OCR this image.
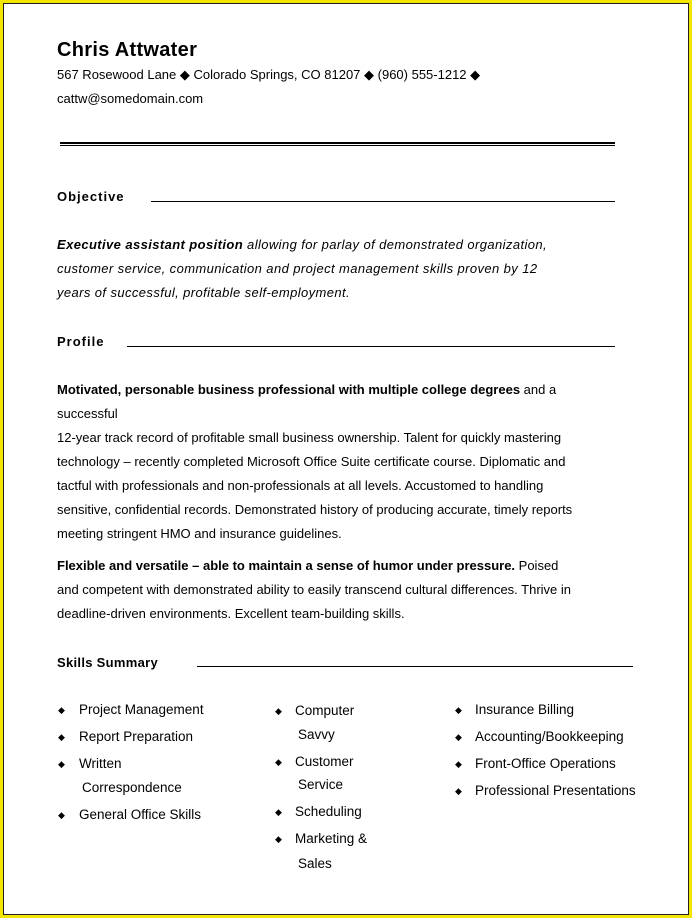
Chris Attwater
567 Rosewood Lane ◆ Colorado Springs, CO 81207 ◆ (960) 555-1212 ◆
cattw@somedomain.com
Objective
Executive assistant position allowing for parlay of demonstrated organization,
customer service, communication and project management skills proven by 12
years of successful, profitable self-employment.
Profile
Motivated, personable business professional with multiple college degrees and a
successful
12-year track record of profitable small business ownership. Talent for quickly mastering
technology – recently completed Microsoft Office Suite certificate course. Diplomatic and
tactful with professionals and non-professionals at all levels. Accustomed to handling
sensitive, confidential records. Demonstrated history of producing accurate, timely reports
meeting stringent HMO and insurance guidelines.
Flexible and versatile – able to maintain a sense of humor under pressure. Poised
and competent with demonstrated ability to easily transcend cultural differences. Thrive in
deadline-driven environments. Excellent team-building skills.
Skills Summary
◆ Project Management
◆ Report Preparation
◆ Written
Correspondence
◆ General Office Skills
◆ Computer
Savvy
◆ Customer
Service
◆ Scheduling
◆ Marketing &
Sales
◆ Insurance Billing
◆ Accounting/Bookkeeping
◆ Front-Office Operations
◆ Professional Presentations
